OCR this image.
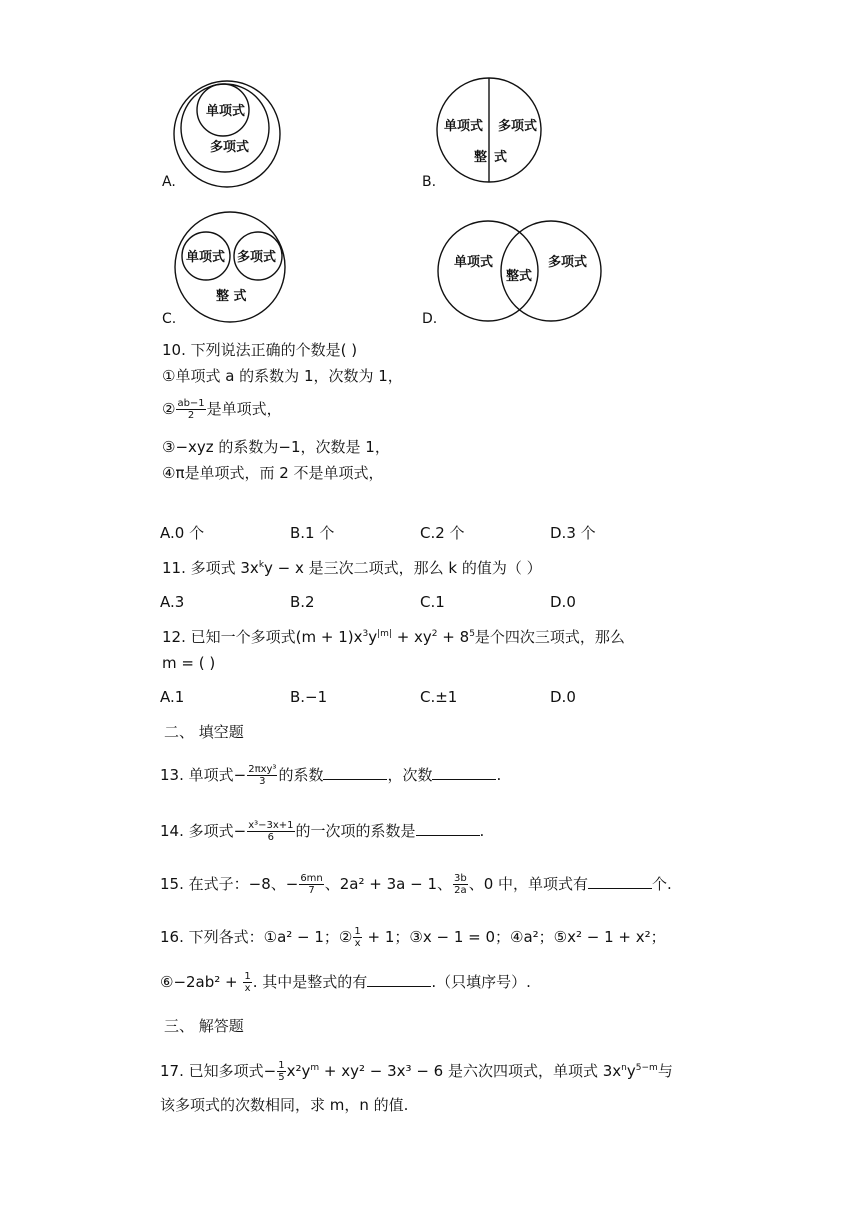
单项式
多项式
A.
单项式 多项式
整 式
B.
单项式 多项式
整 式
C.
单项式
整式
多项式
D.
10. 下列说法正确的个数是( )
①单项式 a 的系数为 1，次数为 1，
② $\frac{ab-1}{2}$ 是单项式，
③−xyz 的系数为−1，次数是 1，
④π是单项式，而 2 不是单项式，
A.0 个	B.1 个	C.2 个	D.3 个
11. 多项式 $3x^ky - x$ 是三次二项式，那么 k 的值为（ ）
A.3	B.2	C.1	D.0
12. 已知一个多项式$(m + 1)x^3y^{|m|} + xy^2 + 8^5$是个四次三项式，那么
m = ( )
A.1	B.−1	C.±1	D.0
二、 填空题
13. 单项式− $\frac{\text{2πxy³}}{3}$ 的系数	，次数	.
14. 多项式− $\frac{\text{x³−3x+1}}{6}$ 的一次项的系数是	.
15. 在式子：−8、− $\frac{6mn}{7}$ 、2a² + 3a − 1、 $\frac{3b}{2a}$ 、0 中，单项式有	个.
16. 下列各式：①a² − 1；② $\frac{1}{x} + 1$；③x − 1 = 0；④a²；⑤x² − 1 + x²；
⑥−2ab² + $\frac{1}{x}$ . 其中是整式的有	.（只填序号）.
三、 解答题
17. 已知多项式− $\frac{1}{5} x^2y^m + xy^2 - 3x^3 - 6$ 是六次四项式，单项式 $3x^ny^{5-m}$与
该多项式的次数相同，求 m，n 的值.
